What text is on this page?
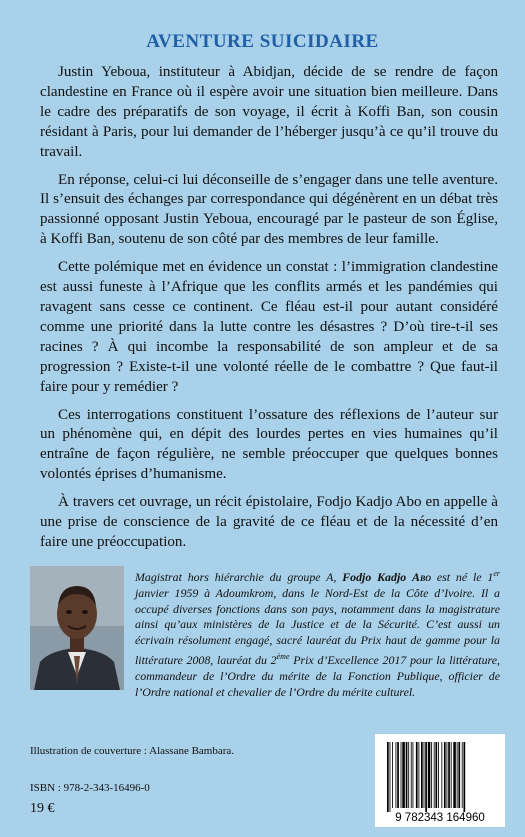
AVENTURE SUICIDAIRE

Justin Yeboua, instituteur à Abidjan, décide de se rendre de façon clandestine en France où il espère avoir une situation bien meilleure. Dans le cadre des préparatifs de son voyage, il écrit à Koffi Ban, son cousin résidant à Paris, pour lui demander de l’héberger jusqu’à ce qu’il trouve du travail.

En réponse, celui-ci lui déconseille de s’engager dans une telle aventure. Il s’ensuit des échanges par correspondance qui dégénèrent en un débat très passionné opposant Justin Yeboua, encouragé par le pasteur de son Église, à Koffi Ban, soutenu de son côté par des membres de leur famille.

Cette polémique met en évidence un constat : l’immigration clandestine est aussi funeste à l’Afrique que les conflits armés et les pandémies qui ravagent sans cesse ce continent. Ce fléau est-il pour autant considéré comme une priorité dans la lutte contre les désastres ? D’où tire-t-il ses racines ? À qui incombe la responsabilité de son ampleur et de sa progression ? Existe-t-il une volonté réelle de le combattre ? Que faut-il faire pour y remédier ?

Ces interrogations constituent l’ossature des réflexions de l’auteur sur un phénomène qui, en dépit des lourdes pertes en vies humaines qu’il entraîne de façon régulière, ne semble préoccuper que quelques bonnes volontés éprises d’humanisme.

À travers cet ouvrage, un récit épistolaire, Fodjo Kadjo Abo en appelle à une prise de conscience de la gravité de ce fléau et de la nécessité d’en faire une préoccupation.

Magistrat hors hiérarchie du groupe A, Fodjo Kadjo Abo est né le 1er janvier 1959 à Adoumkrom, dans le Nord-Est de la Côte d’Ivoire. Il a occupé diverses fonctions dans son pays, notamment dans la magistrature ainsi qu’aux ministères de la Justice et de la Sécurité. C’est aussi un écrivain résolument engagé, sacré lauréat du Prix haut de gamme pour la littérature 2008, lauréat du 2ème Prix d’Excellence 2017 pour la littérature, commandeur de l’Ordre du mérite de la Fonction Publique, officier de l’Ordre national et chevalier de l’Ordre du mérite culturel.

Illustration de couverture : Alassane Bambara.
ISBN : 978-2-343-16496-0
19 €
9 782343 164960
